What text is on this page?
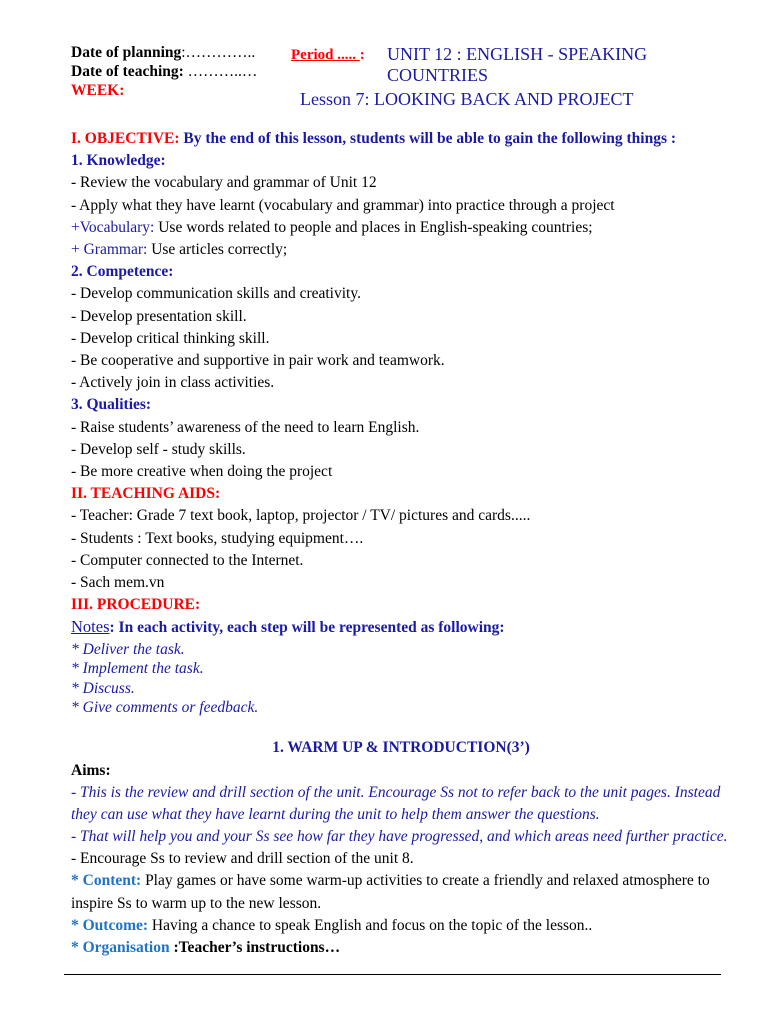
Date of planning:…………..
Date of teaching: ………..…
WEEK:
Period ..... : UNIT 12 : ENGLISH - SPEAKING COUNTRIES
Lesson 7: LOOKING BACK AND PROJECT
I. OBJECTIVE: By the end of this lesson, students will be able to gain the following things :
1. Knowledge:
- Review the vocabulary and grammar of Unit 12
- Apply what they have learnt (vocabulary and grammar) into practice through a project
+Vocabulary: Use words related to people and places in English-speaking countries;
+ Grammar: Use articles correctly;
2. Competence:
- Develop communication skills and creativity.
- Develop presentation skill.
- Develop critical thinking skill.
- Be cooperative and supportive in pair work and teamwork.
- Actively join in class activities.
3. Qualities:
- Raise students’ awareness of the need to learn English.
- Develop self - study skills.
- Be more creative when doing the project
II. TEACHING AIDS:
- Teacher: Grade 7 text book, laptop, projector / TV/ pictures and cards.....
- Students : Text books, studying equipment….
- Computer connected to the Internet.
- Sach mem.vn
III. PROCEDURE:
Notes: In each activity, each step will be represented as following:
* Deliver the task.
* Implement the task.
* Discuss.
* Give comments or feedback.
1. WARM UP & INTRODUCTION(3’)
Aims:
- This is the review and drill section of the unit. Encourage Ss not to refer back to the unit pages. Instead they can use what they have learnt during the unit to help them answer the questions.
- That will help you and your Ss see how far they have progressed, and which areas need further practice.
- Encourage Ss to review and drill section of the unit 8.
* Content: Play games or have some warm-up activities to create a friendly and relaxed atmosphere to inspire Ss to warm up to the new lesson.
* Outcome: Having a chance to speak English and focus on the topic of the lesson..
* Organisation :Teacher’s instructions…
